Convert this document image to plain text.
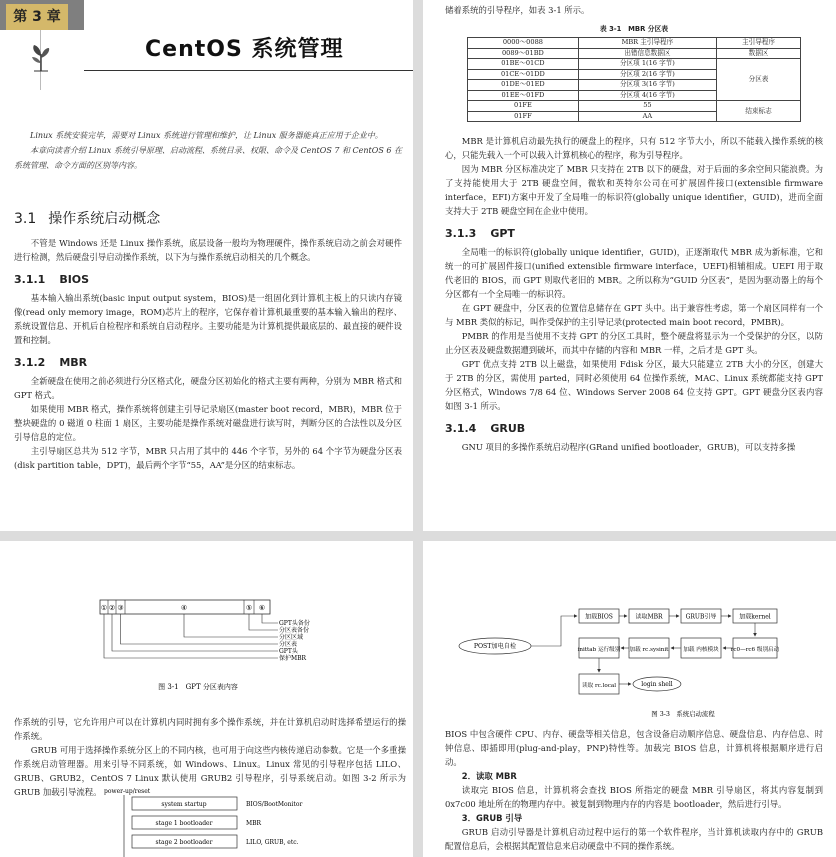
第 3 章
CentOS 系统管理

Linux 系统安装完毕，需要对 Linux 系统进行管理和维护，让 Linux 服务器能真正应用于企业中。

本章向读者介绍 Linux 系统引导原理、启动流程、系统目录、权限、命令及 CentOS 7 和 CentOS 6 在系统管理、命令方面的区别等内容。

3.1 操作系统启动概念

不管是 Windows 还是 Linux 操作系统，底层设备一般均为物理硬件，操作系统启动之前会对硬件进行检测，然后硬盘引导启动操作系统，以下为与操作系统启动相关的几个概念。

3.1.1 BIOS

基本输入输出系统(basic input output system，BIOS)是一组固化到计算机主板上的只读内存镜像(read only memory image，ROM)芯片上的程序，它保存着计算机最重要的基本输入输出的程序、系统设置信息、开机后自检程序和系统自启动程序。主要功能是为计算机提供最底层的、最直接的硬件设置和控制。

3.1.2 MBR

全新硬盘在使用之前必须进行分区格式化，硬盘分区初始化的格式主要有两种，分别为 MBR 格式和 GPT 格式。

如果使用 MBR 格式，操作系统将创建主引导记录扇区(master boot record，MBR)，MBR 位于整块硬盘的 0 磁道 0 柱面 1 扇区，主要功能是操作系统对磁盘进行读写时，判断分区的合法性以及分区引导信息的定位。

主引导扇区总共为 512 字节，MBR 只占用了其中的 446 个字节，另外的 64 个字节为硬盘分区表(disk partition table，DPT)，最后两个字节“55，AA”是分区的结束标志。

储着系统的引导程序，如表 3-1 所示。

表 3-1　MBR 分区表
0000～0088	MBR 主引导程序	主引导程序
0089～01BD	出错信息数据区	数据区
01BE～01CD	分区项 1(16 字节)	分区表
01CE～01DD	分区项 2(16 字节)	
01DE～01ED	分区项 3(16 字节)	
01EE～01FD	分区项 4(16 字节)	
01FE	55	结束标志
01FF	AA	

MBR 是计算机启动最先执行的硬盘上的程序，只有 512 字节大小，所以不能载入操作系统的核心，只能先载入一个可以载入计算机核心的程序，称为引导程序。

因为 MBR 分区标准决定了 MBR 只支持在 2TB 以下的硬盘，对于后面的多余空间只能浪费。为了支持能使用大于 2TB 硬盘空间，微软和英特尔公司在可扩展固件接口(extensible firmware interface，EFI)方案中开发了全局唯一的标识符(globally unique identifier，GUID)，进而全面支持大于 2TB 硬盘空间在企业中使用。

3.1.3 GPT

全局唯一的标识符(globally unique identifier，GUID)，正逐渐取代 MBR 成为新标准，它和统一的可扩展固件接口(unified extensible firmware interface，UEFI)相辅相成。UEFI 用于取代老旧的 BIOS，而 GPT 则取代老旧的 MBR。之所以称为“GUID 分区表”，是因为驱动器上的每个分区都有一个全局唯一的标识符。

在 GPT 硬盘中，分区表的位置信息储存在 GPT 头中。出于兼容性考虑，第一个扇区同样有一个与 MBR 类似的标记，叫作受保护的主引导记录(protected main boot record，PMBR)。

PMBR 的作用是当使用不支持 GPT 的分区工具时，整个硬盘将显示为一个受保护的分区，以防止分区表及硬盘数据遭到破坏，而其中存储的内容和 MBR 一样，之后才是 GPT 头。

GPT 优点支持 2TB 以上磁盘，如果使用 Fdisk 分区，最大只能建立 2TB 大小的分区，创建大于 2TB 的分区，需使用 parted，同时必须使用 64 位操作系统，MAC、Linux 系统都能支持 GPT 分区格式，Windows 7/8 64 位、Windows Server 2008 64 位支持 GPT。GPT 硬盘分区表内容如图 3-1 所示。

3.1.4 GRUB

GNU 项目的多操作系统启动程序(GRand unified bootloader，GRUB)，可以支持多操

① ② ③	④	⑤ ⑥
GPT头备份
分区表备份
分区区域
分区表
GPT头
保护MBR
图 3-1　GPT 分区表内容

作系统的引导，它允许用户可以在计算机内同时拥有多个操作系统，并在计算机启动时选择希望运行的操作系统。

GRUB 可用于选择操作系统分区上的不同内核，也可用于向这些内核传递启动参数。它是一个多重操作系统启动管理器。用来引导不同系统，如 Windows、Linux。Linux 常见的引导程序包括 LILO、GRUB、GRUB2，CentOS 7 Linux 默认使用 GRUB2 引导程序，引导系统启动。如图 3-2 所示为 GRUB 加载引导流程。 power-up/reset
system startup	BIOS/BootMonitor
stage 1 bootloader	MBR
stage 2 bootloader	LILO, GRUB, etc.
POST加电自检
加载BIOS	读取MBR	GRUB引导	加载kernel
inittab 运行级别 加载 rc.sysinit	加载 内核模块 rc0—rc6 级别启动
读取 rc.local	login shell
图 3-3　系统启动流程

BIOS 中包含硬件 CPU、内存、硬盘等相关信息，包含设备启动顺序信息、硬盘信息、内存信息、时钟信息、即插即用(plug-and-play，PNP)特性等。加载完 BIOS 信息，计算机将根据顺序进行启动。

2．读取 MBR

读取完 BIOS 信息，计算机将会查找 BIOS 所指定的硬盘 MBR 引导扇区，将其内容复制到 0x7c00 地址所在的物理内存中。被复制到物理内存的内容是 bootloader，然后进行引导。

3．GRUB 引导

GRUB 启动引导器是计算机启动过程中运行的第一个软件程序，当计算机读取内存中的 GRUB 配置信息后，会根据其配置信息来启动硬盘中不同的操作系统。
